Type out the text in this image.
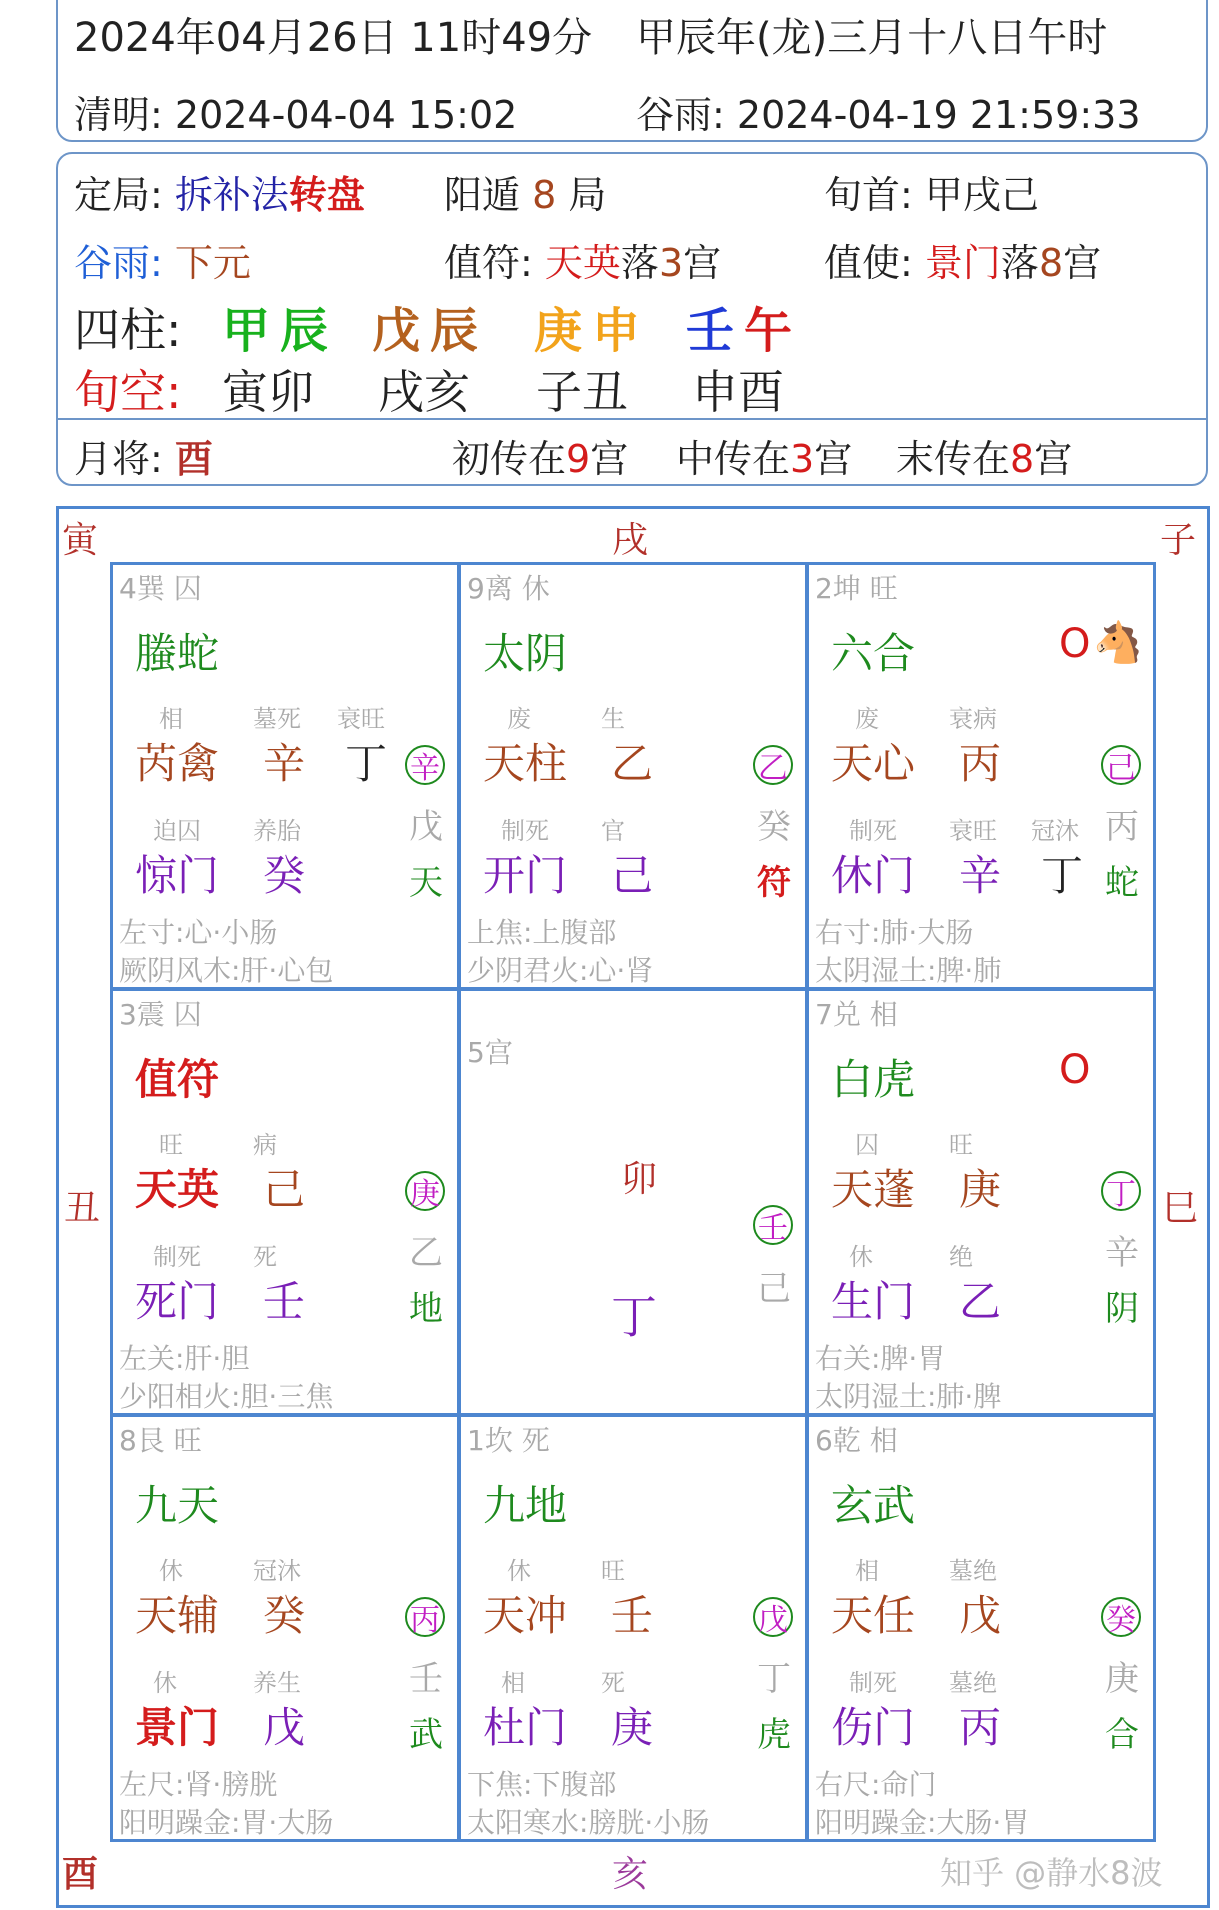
2024年04月26日 11时49分 甲辰年(龙)三月十八日午时
清明: 2024-04-04 15:02	谷雨: 2024-04-19 21:59:33
定局: 拆补法转盘 阳遁 8 局	旬首: 甲戌己
谷雨: 下元	值符: 天英落3宫	值使: 景门落8宫
四柱: 甲辰 戊辰 庚申 壬午
旬空: 寅卯 戌亥 子丑 申酉
月将: 酉	初传在9宫 中传在3宫 末传在8宫
寅	戌	子
丑	巳
酉	亥
4巽 囚
螣蛇
相	墓死 衰旺
芮禽 辛 丁 辛
戊
迫囚 养胎
惊门 癸	天
左寸:心·小肠
厥阴风木:肝·心包
9离 休
太阴
废	生
天柱 乙	乙
癸
制死 官
开门 己	符
上焦:上腹部
少阴君火:心·肾
2坤 旺
六合	O 🐴
废	衰病
天心 丙	己
丙
制死 衰旺 冠沐
休门 辛 丁 蛇
右寸:肺·大肠
太阴湿土:脾·肺
3震 囚
值符
旺	病
天英 己	庚
乙
制死 死
死门 壬	地
左关:肝·胆
少阳相火:胆·三焦
5宫
卯
丁
壬
己
7兑 相
白虎	O
囚	旺
天蓬 庚	丁
辛
休	绝
生门 乙	阴
右关:脾·胃
太阴湿土:肺·脾
8艮 旺
九天
休	冠沐
天辅 癸	丙
壬
休	养生
景门 戊	武
左尺:肾·膀胱
阳明躁金:胃·大肠
1坎 死
九地
休	旺
天冲 壬	戊
丁
相	死
杜门 庚	虎
下焦:下腹部
太阳寒水:膀胱·小肠
6乾 相
玄武
相	墓绝
天任 戊	癸
庚
制死 墓绝
伤门 丙	合
右尺:命门
阳明躁金:大肠·胃
知乎 @静水8波
